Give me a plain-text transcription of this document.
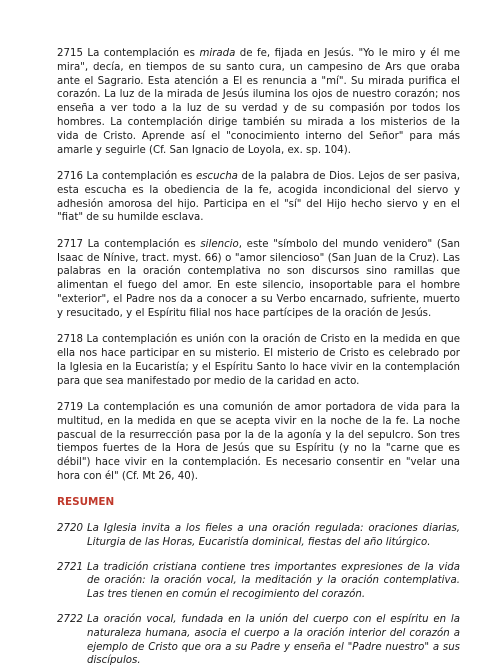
2715 La contemplación es mirada de fe, fijada en Jesús. "Yo le miro y él me mira", decía, en tiempos de su santo cura, un campesino de Ars que oraba ante el Sagrario. Esta atención a El es renuncia a "mí". Su mirada purifica el corazón. La luz de la mirada de Jesús ilumina los ojos de nuestro corazón; nos enseña a ver todo a la luz de su verdad y de su compasión por todos los hombres. La contemplación dirige también su mirada a los misterios de la vida de Cristo. Aprende así el "conocimiento interno del Señor" para más amarle y seguirle (Cf. San Ignacio de Loyola, ex. sp. 104).

2716 La contemplación es escucha de la palabra de Dios. Lejos de ser pasiva, esta escucha es la obediencia de la fe, acogida incondicional del siervo y adhesión amorosa del hijo. Participa en el "sí" del Hijo hecho siervo y en el "fiat" de su humilde esclava.

2717 La contemplación es silencio, este "símbolo del mundo venidero" (San Isaac de Nínive, tract. myst. 66) o "amor silencioso" (San Juan de la Cruz). Las palabras en la oración contemplativa no son discursos sino ramillas que alimentan el fuego del amor. En este silencio, insoportable para el hombre "exterior", el Padre nos da a conocer a su Verbo encarnado, sufriente, muerto y resucitado, y el Espíritu filial nos hace partícipes de la oración de Jesús.

2718 La contemplación es unión con la oración de Cristo en la medida en que ella nos hace participar en su misterio. El misterio de Cristo es celebrado por la Iglesia en la Eucaristía; y el Espíritu Santo lo hace vivir en la contemplación para que sea manifestado por medio de la caridad en acto.

2719 La contemplación es una comunión de amor portadora de vida para la multitud, en la medida en que se acepta vivir en la noche de la fe. La noche pascual de la resurrección pasa por la de la agonía y la del sepulcro. Son tres tiempos fuertes de la Hora de Jesús que su Espíritu (y no la "carne que es débil") hace vivir en la contemplación. Es necesario consentir en "velar una hora con él" (Cf. Mt 26, 40).

RESUMEN

2720 La Iglesia invita a los fieles a una oración regulada: oraciones diarias, Liturgia de las Horas, Eucaristía dominical, fiestas del año litúrgico.

2721 La tradición cristiana contiene tres importantes expresiones de la vida de oración: la oración vocal, la meditación y la oración contemplativa. Las tres tienen en común el recogimiento del corazón.

2722 La oración vocal, fundada en la unión del cuerpo con el espíritu en la naturaleza humana, asocia el cuerpo a la oración interior del corazón a ejemplo de Cristo que ora a su Padre y enseña el "Padre nuestro" a sus discípulos.
